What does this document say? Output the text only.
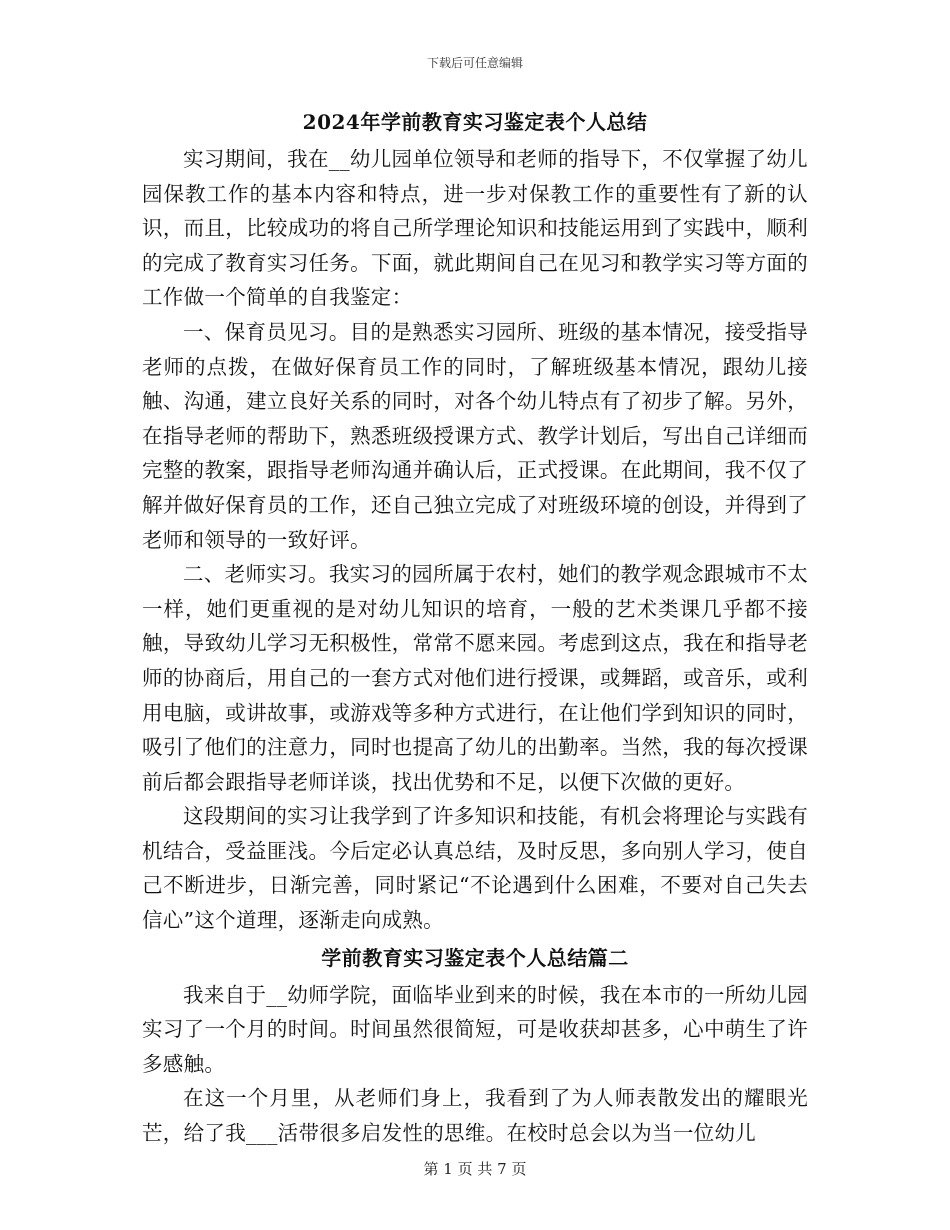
下载后可任意编辑
2024年学前教育实习鉴定表个人总结

实习期间，我在__幼儿园单位领导和老师的指导下，不仅掌握了幼儿园保教工作的基本内容和特点，进一步对保教工作的重要性有了新的认识，而且，比较成功的将自己所学理论知识和技能运用到了实践中，顺利的完成了教育实习任务。下面，就此期间自己在见习和教学实习等方面的工作做一个简单的自我鉴定：

一、保育员见习。目的是熟悉实习园所、班级的基本情况，接受指导老师的点拨，在做好保育员工作的同时，了解班级基本情况，跟幼儿接触、沟通，建立良好关系的同时，对各个幼儿特点有了初步了解。另外，在指导老师的帮助下，熟悉班级授课方式、教学计划后，写出自己详细而完整的教案，跟指导老师沟通并确认后，正式授课。在此期间，我不仅了解并做好保育员的工作，还自己独立完成了对班级环境的创设，并得到了老师和领导的一致好评。

二、老师实习。我实习的园所属于农村，她们的教学观念跟城市不太一样，她们更重视的是对幼儿知识的培育，一般的艺术类课几乎都不接触，导致幼儿学习无积极性，常常不愿来园。考虑到这点，我在和指导老师的协商后，用自己的一套方式对他们进行授课，或舞蹈，或音乐，或利用电脑，或讲故事，或游戏等多种方式进行，在让他们学到知识的同时，吸引了他们的注意力，同时也提高了幼儿的出勤率。当然，我的每次授课前后都会跟指导老师详谈，找出优势和不足，以便下次做的更好。

这段期间的实习让我学到了许多知识和技能，有机会将理论与实践有机结合，受益匪浅。今后定必认真总结，及时反思，多向别人学习，使自己不断进步，日渐完善，同时紧记“不论遇到什么困难，不要对自己失去信心”这个道理，逐渐走向成熟。

学前教育实习鉴定表个人总结篇二

我来自于__幼师学院，面临毕业到来的时候，我在本市的一所幼儿园实习了一个月的时间。时间虽然很简短，可是收获却甚多，心中萌生了许多感触。

在这一个月里，从老师们身上，我看到了为人师表散发出的耀眼光芒，给了我___活带很多启发性的思维。在校时总会以为当一位幼儿

第 1 页 共 7 页
